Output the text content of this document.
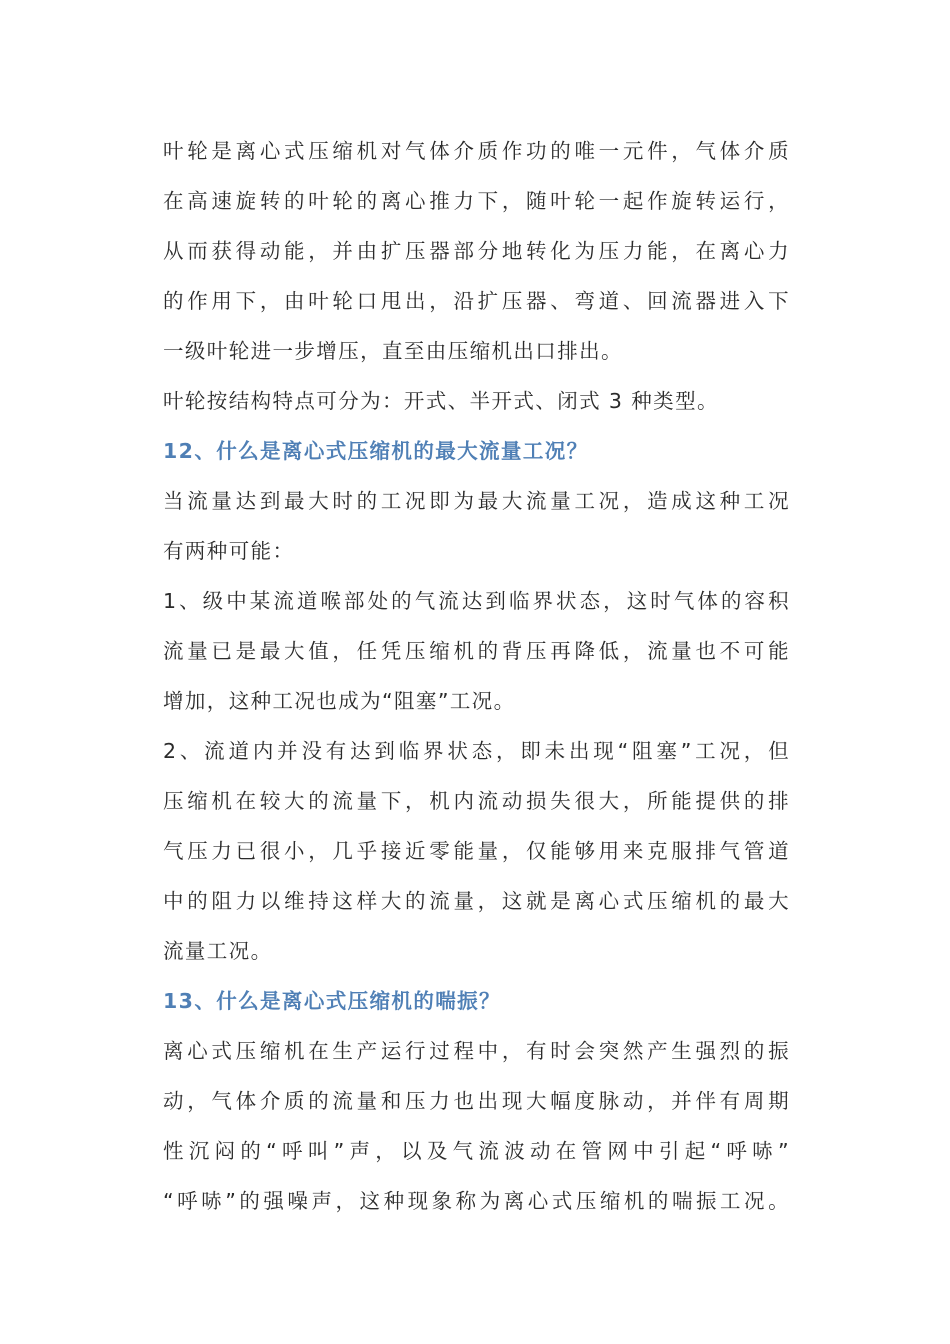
叶轮是离心式压缩机对气体介质作功的唯一元件，气体介质
在高速旋转的叶轮的离心推力下，随叶轮一起作旋转运行，
从而获得动能，并由扩压器部分地转化为压力能，在离心力
的作用下，由叶轮口甩出，沿扩压器、弯道、回流器进入下
一级叶轮进一步增压，直至由压缩机出口排出。
叶轮按结构特点可分为：开式、半开式、闭式 3 种类型。
12、什么是离心式压缩机的最大流量工况？
当流量达到最大时的工况即为最大流量工况，造成这种工况
有两种可能：
1、级中某流道喉部处的气流达到临界状态，这时气体的容积
流量已是最大值，任凭压缩机的背压再降低，流量也不可能
增加，这种工况也成为“阻塞”工况。
2、流道内并没有达到临界状态，即未出现“阻塞”工况，但
压缩机在较大的流量下，机内流动损失很大，所能提供的排
气压力已很小，几乎接近零能量，仅能够用来克服排气管道
中的阻力以维持这样大的流量，这就是离心式压缩机的最大
流量工况。
13、什么是离心式压缩机的喘振？
离心式压缩机在生产运行过程中，有时会突然产生强烈的振
动，气体介质的流量和压力也出现大幅度脉动，并伴有周期
性沉闷的“呼叫”声，以及气流波动在管网中引起“呼哧”
“呼哧”的强噪声，这种现象称为离心式压缩机的喘振工况。
